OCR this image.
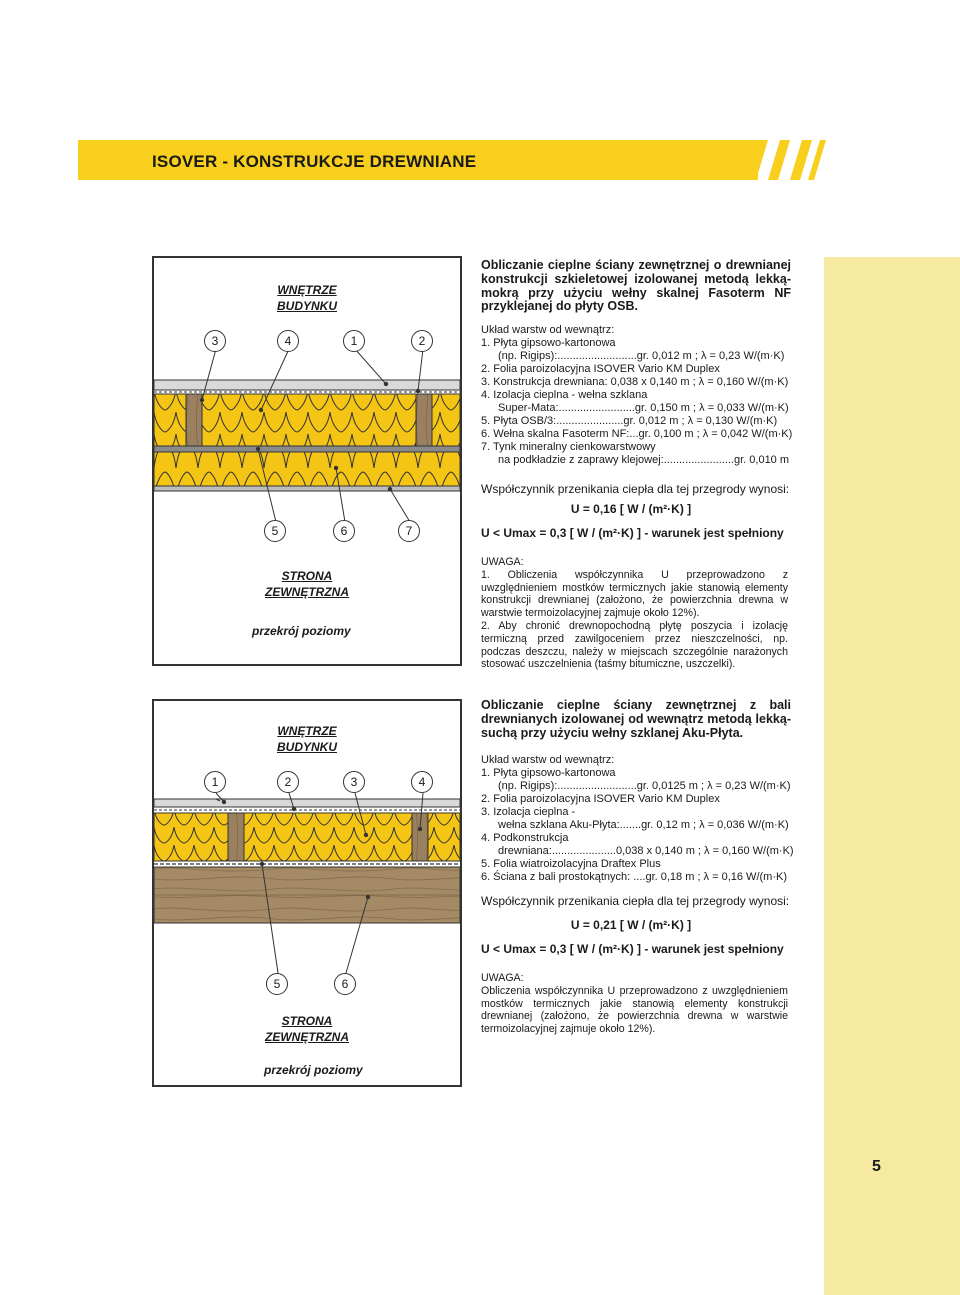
ISOVER - KONSTRUKCJE DREWNIANE
5
WNĘTRZE
BUDYNKU
3	4	1	2
5	6	7
STRONA
ZEWNĘTRZNA
przekrój poziomy
Obliczanie cieplne ściany zewnętrznej o drewnianej konstrukcji szkieletowej izolowanej metodą lekką-mokrą przy użyciu wełny skalnej Fasoterm NF przyklejanej do płyty OSB.
Układ warstw od wewnątrz:
1. Płyta gipsowo-kartonowa
(np. Rigips):..........................gr. 0,012 m ; λ = 0,23 W/(m·K)
2. Folia paroizolacyjna ISOVER Vario KM Duplex
3. Konstrukcja drewniana: 0,038 x 0,140 m ; λ = 0,160 W/(m·K)
4. Izolacja cieplna - wełna szklana
Super-Mata:.........................gr. 0,150 m ; λ = 0,033 W/(m·K)
5. Płyta OSB/3:......................gr. 0,012 m ; λ = 0,130 W/(m·K)
6. Wełna skalna Fasoterm NF:...gr. 0,100 m ; λ = 0,042 W/(m·K)
7. Tynk mineralny cienkowarstwowy
na podkładzie z zaprawy klejowej:.......................gr. 0,010 m
Współczynnik przenikania ciepła dla tej przegrody wynosi:
U = 0,16 [ W / (m²·K) ]
U < Umax = 0,3 [ W / (m²·K) ] - warunek jest spełniony
UWAGA:
1. Obliczenia współczynnika U przeprowadzono z uwzględnieniem mostków termicznych jakie stanowią elementy konstrukcji drewnianej (założono, że powierzchnia drewna w warstwie termoizolacyjnej zajmuje około 12%).
2. Aby chronić drewnopochodną płytę poszycia i izolację termiczną przed zawilgoceniem przez nieszczelności, np. podczas deszczu, należy w miejscach szczególnie narażonych stosować uszczelnienia (taśmy bitumiczne, uszczelki).
WNĘTRZE
BUDYNKU
1	2	3	4
5	6
STRONA
ZEWNĘTRZNA
przekrój poziomy
Obliczanie cieplne ściany zewnętrznej z bali drewnianych izolowanej od wewnątrz metodą lekką-suchą przy użyciu wełny szklanej Aku-Płyta.
Układ warstw od wewnątrz:
1. Płyta gipsowo-kartonowa
(np. Rigips):..........................gr. 0,0125 m ; λ = 0,23 W/(m·K)
2. Folia paroizolacyjna ISOVER Vario KM Duplex
3. Izolacja cieplna -
wełna szklana Aku-Płyta:.......gr. 0,12 m ; λ = 0,036 W/(m·K)
4. Podkonstrukcja
drewniana:.....................0,038 x 0,140 m ; λ = 0,160 W/(m·K)
5. Folia wiatroizolacyjna Draftex Plus
6. Ściana z bali prostokątnych: ....gr. 0,18 m ; λ = 0,16 W/(m·K)
Współczynnik przenikania ciepła dla tej przegrody wynosi:
U = 0,21 [ W / (m²·K) ]
U < Umax = 0,3 [ W / (m²·K) ] - warunek jest spełniony
UWAGA:
Obliczenia współczynnika U przeprowadzono z uwzględnieniem mostków termicznych jakie stanowią elementy konstrukcji drewnianej (założono, że powierzchnia drewna w warstwie termoizolacyjnej zajmuje około 12%).
